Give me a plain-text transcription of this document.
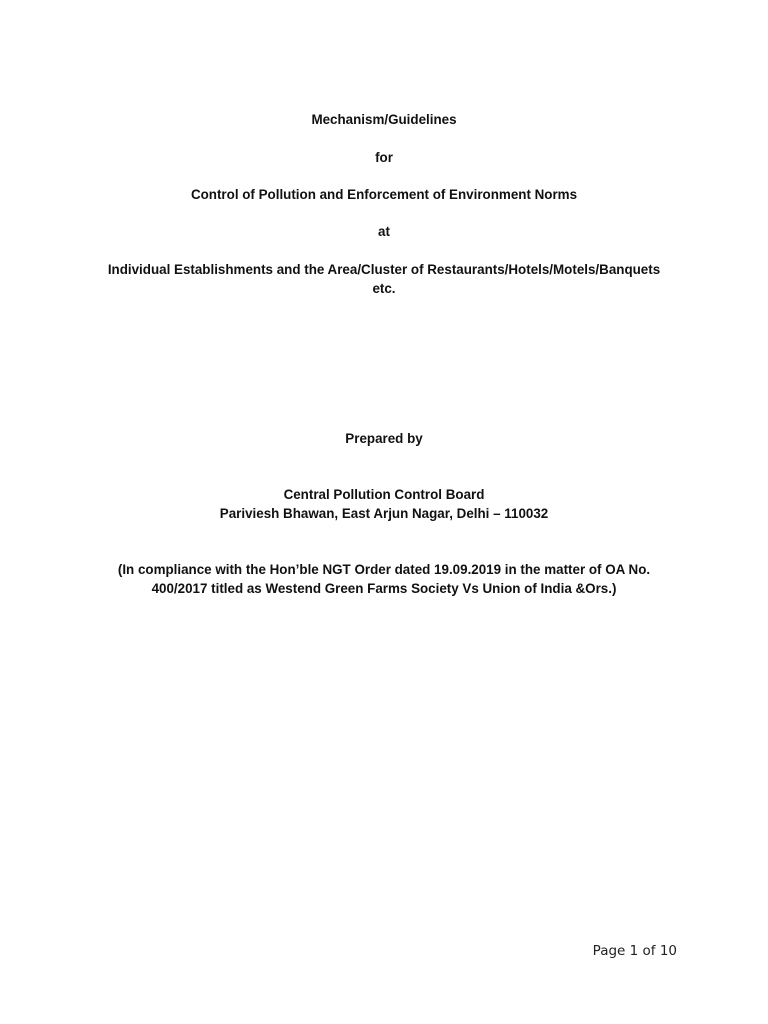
Mechanism/Guidelines
for
Control of Pollution and Enforcement of Environment Norms
at
Individual Establishments and the Area/Cluster of Restaurants/Hotels/Motels/Banquets
etc.
Prepared by
Central Pollution Control Board
Pariviesh Bhawan, East Arjun Nagar, Delhi – 110032
(In compliance with the Hon’ble NGT Order dated 19.09.2019 in the matter of OA No.
400/2017 titled as Westend Green Farms Society Vs Union of India &Ors.)
Page 1 of 10
